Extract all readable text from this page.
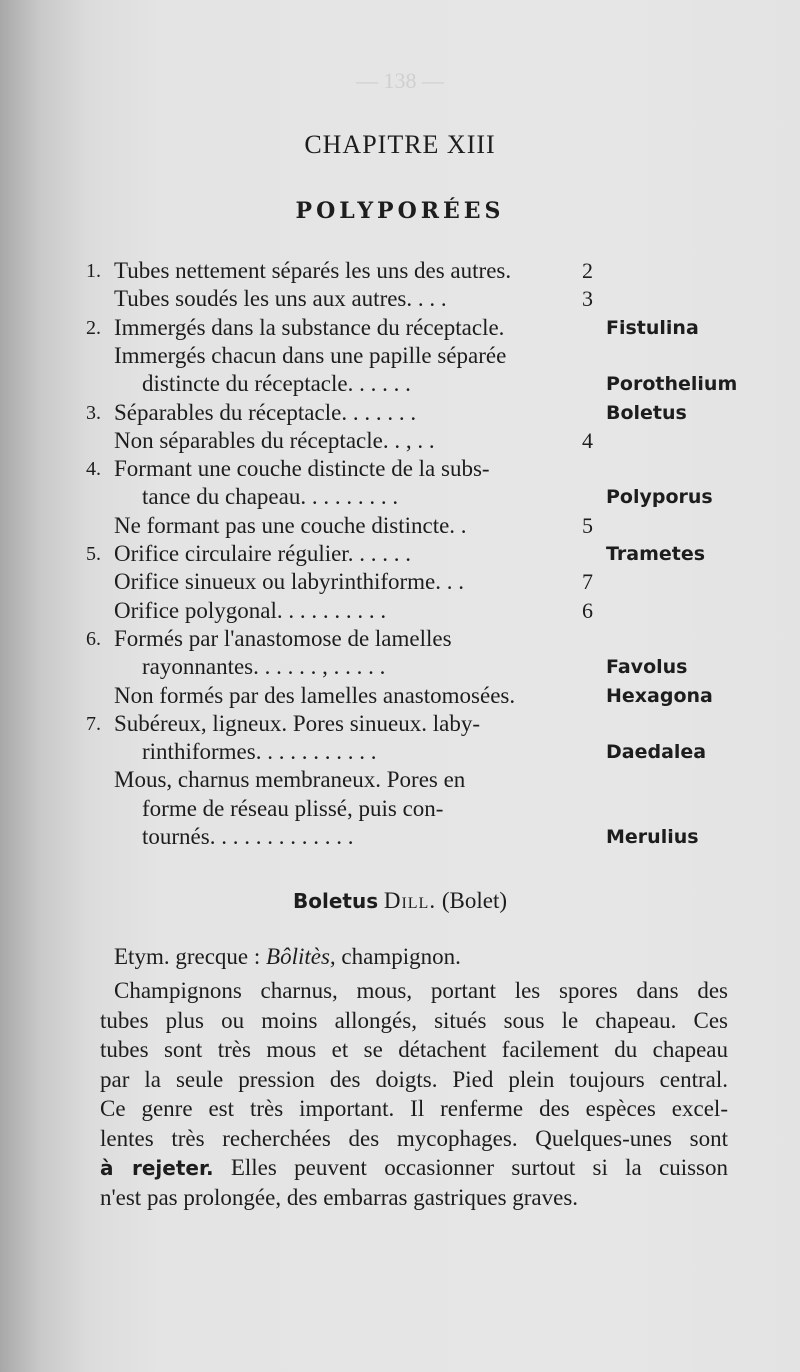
— 138 —
CHAPITRE XIII
POLYPORÉES
1. Tubes nettement séparés les uns des autres.	2
Tubes soudés les uns aux autres. . . .	3
2. Immergés dans la substance du réceptacle.	Fistulina
Immergés chacun dans une papille séparée
distincte du réceptacle. . . . . .	Porothelium
3. Séparables du réceptacle. . . . . . .	Boletus
Non séparables du réceptacle. . , . .	4
4. Formant une couche distincte de la subs-
tance du chapeau. . . . . . . . .	Polyporus
Ne formant pas une couche distincte. .	5
5. Orifice circulaire régulier. . . . . .	Trametes
Orifice sinueux ou labyrinthiforme. . .	7
Orifice polygonal. . . . . . . . . .	6
6. Formés par l'anastomose de lamelles
rayonnantes. . . . . . , . . . . .	Favolus
Non formés par des lamelles anastomosées.	Hexagona
7. Subéreux, ligneux. Pores sinueux. laby-
rinthiformes. . . . . . . . . . .	Daedalea
Mous, charnus membraneux. Pores en
forme de réseau plissé, puis con-
tournés. . . . . . . . . . . . .	Merulius
Boletus Dill. (Bolet)
Etym. grecque : Bôlitès, champignon.
Champignons charnus, mous, portant les spores dans des
tubes plus ou moins allongés, situés sous le chapeau. Ces
tubes sont très mous et se détachent facilement du chapeau
par la seule pression des doigts. Pied plein toujours central.
Ce genre est très important. Il renferme des espèces excel-
lentes très recherchées des mycophages. Quelques-unes sont
à rejeter. Elles peuvent occasionner surtout si la cuisson
n'est pas prolongée, des embarras gastriques graves.
